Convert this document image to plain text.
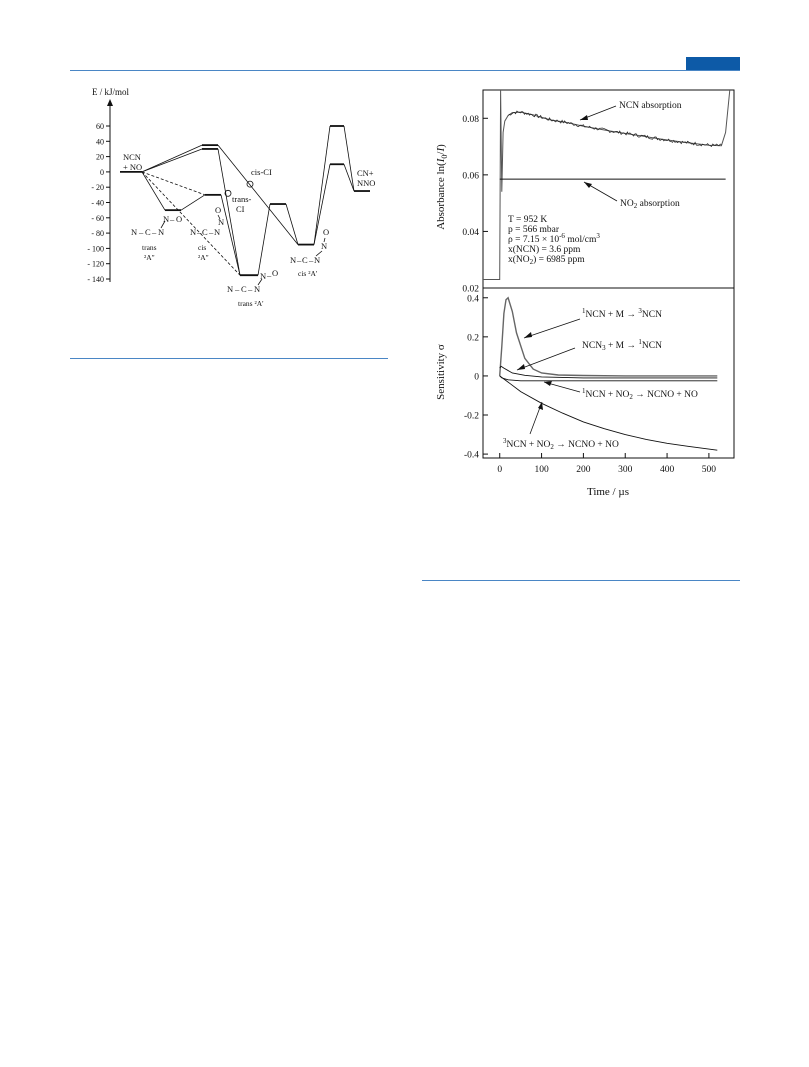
E / kJ/mol
60
40
20
0
- 20
- 40
- 60
- 80
- 100
- 120
- 140
NCN
+ NO	cis-CI
trans-
CI
CN+
NNO
N – C – N
N – O
trans
²A"
O
N
N – C – N
cis
²A"
N – C – N
N – O
trans ²A'
O
N
N – C – N
cis ²A'
0.02
0.04
0.06
0.08
Absorbance $\ln(I_0/I)$
NCN absorption
$NO_2$ absorption
T = 952 K
p = 566 mbar
$\rho = 7.15 \times 10^{-6}$ mol/$cm^3$
x(NCN) = 3.6 ppm
$x(NO_2) = 6985$ ppm
0.4
0.2
0
-0.2
-0.4
0	100	200	300	400	500
Sensitivity σ
Time / µs
$^1$NCN + M → $^3$NCN
$NCN_3 + M \to ^1NCN$
$^1NCN + NO_2$ → NCNO + NO
$^3NCN + NO_2$ → NCNO + NO
